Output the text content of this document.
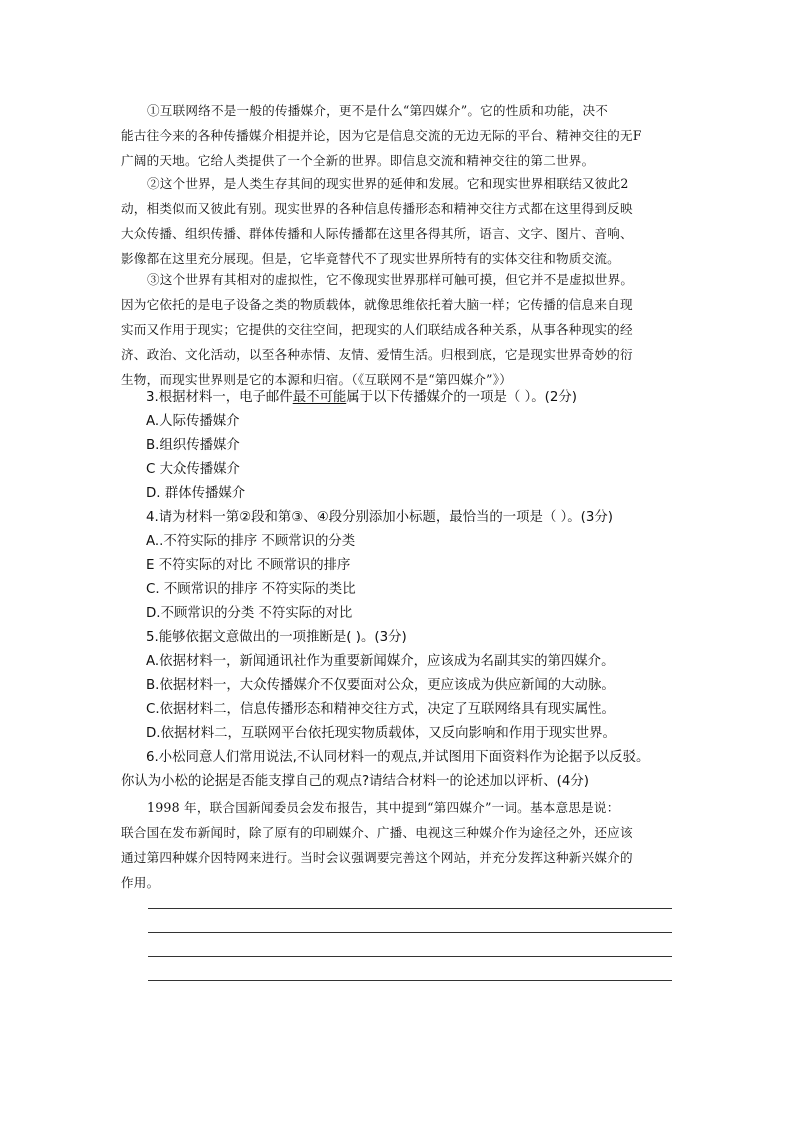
①互联网络不是一般的传播媒介，更不是什么“第四媒介”。它的性质和功能，决不
能古往今来的各种传播媒介相提并论，因为它是信息交流的无边无际的平台、精神交往的无F
广阔的天地。它给人类提供了一个全新的世界。即信息交流和精神交往的第二世界。
②这个世界，是人类生存其间的现实世界的延伸和发展。它和现实世界相联结又彼此2
动，相类似而又彼此有别。现实世界的各种信息传播形态和精神交往方式都在这里得到反映
大众传播、组织传播、群体传播和人际传播都在这里各得其所，语言、文字、图片、音响、
影像都在这里充分展现。但是，它毕竟替代不了现实世界所特有的实体交往和物质交流。
③这个世界有其相对的虚拟性，它不像现实世界那样可触可摸，但它并不是虚拟世界。
因为它依托的是电子设备之类的物质载体，就像思维依托着大脑一样；它传播的信息来自现
实而又作用于现实；它提供的交往空间，把现实的人们联结成各种关系，从事各种现实的经
济、政治、文化活动，以至各种赤情、友情、爱情生活。归根到底，它是现实世界奇妙的衍
生物，而现实世界则是它的本源和归宿。（《互联网不是“第四媒介”》）
3.根据材料一，电子邮件最不可能属于以下传播媒介的一项是（ ）。(2分)
A.人际传播媒介
B.组织传播媒介
C 大众传播媒介
D. 群体传播媒介
4.请为材料一第②段和第③、④段分别添加小标题，最恰当的一项是（ ）。(3分)
A..不符实际的排序 不顾常识的分类
E 不符实际的对比 不顾常识的排序
C. 不顾常识的排序 不符实际的类比
D.不顾常识的分类 不符实际的对比
5.能够依据文意做出的一项推断是( )。(3分)
A.依据材料一，新闻通讯社作为重要新闻媒介，应该成为名副其实的第四媒介。
B.依据材料一，大众传播媒介不仅要面对公众，更应该成为供应新闻的大动脉。
C.依据材料二，信息传播形态和精神交往方式，决定了互联网络具有现实属性。
D.依据材料二，互联网平台依托现实物质载体，又反向影响和作用于现实世界。
6.小松同意人们常用说法,不认同材料一的观点,并试图用下面资料作为论据予以反驳。
你认为小松的论据是否能支撑自己的观点?请结合材料一的论述加以评析、(4分)
1998 年，联合国新闻委员会发布报告，其中提到“第四媒介”一词。基本意思是说：
联合国在发布新闻时，除了原有的印刷媒介、广播、电视这三种媒介作为途径之外，还应该
通过第四种媒介因特网来进行。当时会议强调要完善这个网站，并充分发挥这种新兴媒介的
作用。
